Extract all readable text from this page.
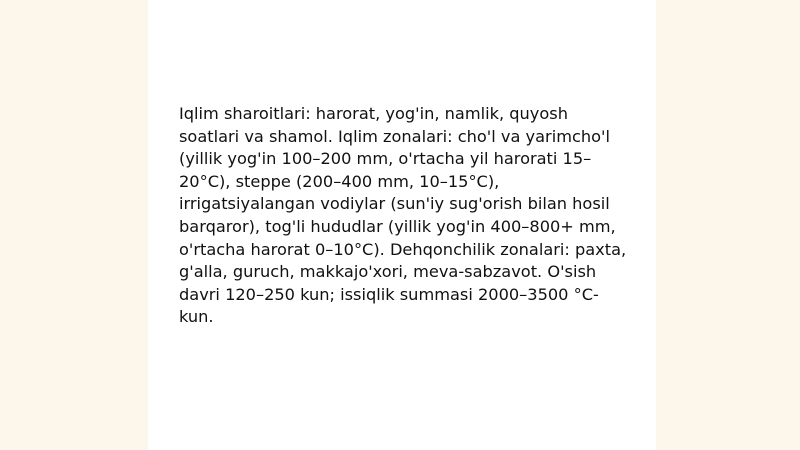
Iqlim sharoitlari: harorat, yog'in, namlik, quyosh soatlari va shamol. Iqlim zonalari: cho'l va yarimcho'l (yillik yog'in 100–200 mm, o'rtacha yil harorati 15–20°C), steppe (200–400 mm, 10–15°C), irrigatsiyalangan vodiylar (sun'iy sug'orish bilan hosil barqaror), tog'li hududlar (yillik yog'in 400–800+ mm, o'rtacha harorat 0–10°C). Dehqonchilik zonalari: paxta, g'alla, guruch, makkajo'xori, meva-sabzavot. O'sish davri 120–250 kun; issiqlik summasi 2000–3500 °C-kun.
